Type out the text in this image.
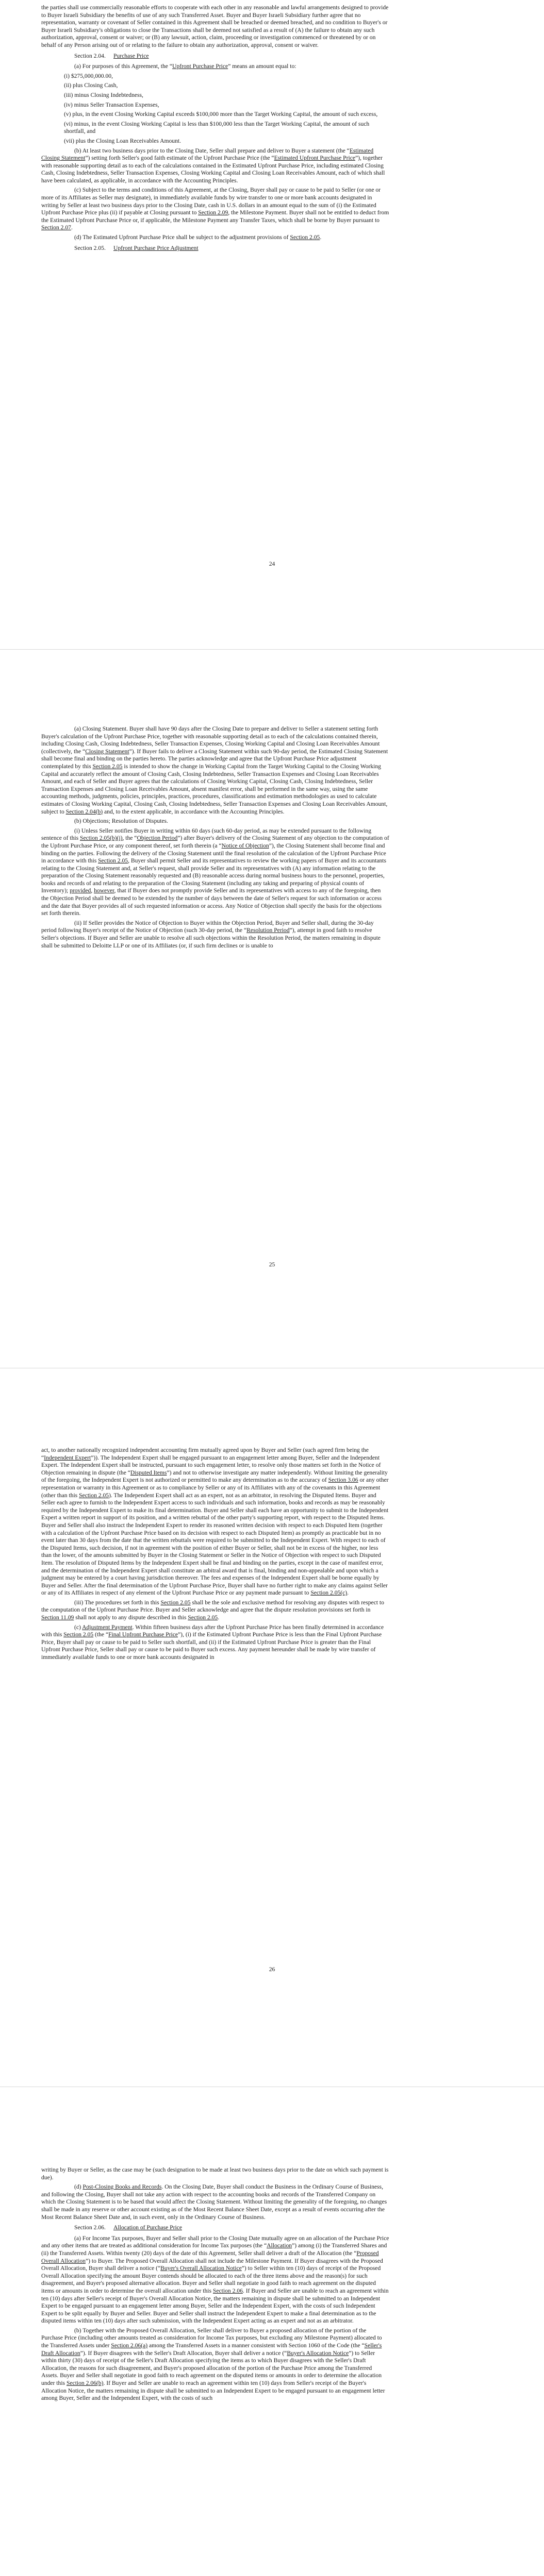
the parties shall use commercially reasonable efforts to cooperate with each other in any reasonable and lawful arrangements designed to provide to Buyer Israeli Subsidiary the benefits of use of any such Transferred Asset. Buyer and Buyer Israeli Subsidiary further agree that no representation, warranty or covenant of Seller contained in this Agreement shall be breached or deemed breached, and no condition to Buyer's or Buyer Israeli Subsidiary's obligations to close the Transactions shall be deemed not satisfied as a result of (A) the failure to obtain any such authorization, approval, consent or waiver; or (B) any lawsuit, action, claim, proceeding or investigation commenced or threatened by or on behalf of any Person arising out of or relating to the failure to obtain any authorization, approval, consent or waiver.

Section 2.04. Purchase Price

(a) For purposes of this Agreement, the “Upfront Purchase Price” means an amount equal to:

(i) $275,000,000.00,

(ii) plus Closing Cash,

(iii) minus Closing Indebtedness,

(iv) minus Seller Transaction Expenses,

(v) plus, in the event Closing Working Capital exceeds $100,000 more than the Target Working Capital, the amount of such excess,

(vi) minus, in the event Closing Working Capital is less than $100,000 less than the Target Working Capital, the amount of such shortfall, and

(vii) plus the Closing Loan Receivables Amount.

(b) At least two business days prior to the Closing Date, Seller shall prepare and deliver to Buyer a statement (the “Estimated Closing Statement”) setting forth Seller's good faith estimate of the Upfront Purchase Price (the “Estimated Upfront Purchase Price”), together with reasonable supporting detail as to each of the calculations contained in the Estimated Upfront Purchase Price, including estimated Closing Cash, Closing Indebtedness, Seller Transaction Expenses, Closing Working Capital and Closing Loan Receivables Amount, each of which shall have been calculated, as applicable, in accordance with the Accounting Principles.

(c) Subject to the terms and conditions of this Agreement, at the Closing, Buyer shall pay or cause to be paid to Seller (or one or more of its Affiliates as Seller may designate), in immediately available funds by wire transfer to one or more bank accounts designated in writing by Seller at least two business days prior to the Closing Date, cash in U.S. dollars in an amount equal to the sum of (i) the Estimated Upfront Purchase Price plus (ii) if payable at Closing pursuant to Section 2.09, the Milestone Payment. Buyer shall not be entitled to deduct from the Estimated Upfront Purchase Price or, if applicable, the Milestone Payment any Transfer Taxes, which shall be borne by Buyer pursuant to Section 2.07.

(d) The Estimated Upfront Purchase Price shall be subject to the adjustment provisions of Section 2.05.

Section 2.05. Upfront Purchase Price Adjustment

24

(a) Closing Statement. Buyer shall have 90 days after the Closing Date to prepare and deliver to Seller a statement setting forth Buyer's calculation of the Upfront Purchase Price, together with reasonable supporting detail as to each of the calculations contained therein, including Closing Cash, Closing Indebtedness, Seller Transaction Expenses, Closing Working Capital and Closing Loan Receivables Amount (collectively, the “Closing Statement”). If Buyer fails to deliver a Closing Statement within such 90-day period, the Estimated Closing Statement shall become final and binding on the parties hereto. The parties acknowledge and agree that the Upfront Purchase Price adjustment contemplated by this Section 2.05 is intended to show the change in Working Capital from the Target Working Capital to the Closing Working Capital and accurately reflect the amount of Closing Cash, Closing Indebtedness, Seller Transaction Expenses and Closing Loan Receivables Amount, and each of Seller and Buyer agrees that the calculations of Closing Working Capital, Closing Cash, Closing Indebtedness, Seller Transaction Expenses and Closing Loan Receivables Amount, absent manifest error, shall be performed in the same way, using the same accounting methods, judgments, policies, principles, practices, procedures, classifications and estimation methodologies as used to calculate estimates of Closing Working Capital, Closing Cash, Closing Indebtedness, Seller Transaction Expenses and Closing Loan Receivables Amount, subject to Section 2.04(b) and, to the extent applicable, in accordance with the Accounting Principles.

(b) Objections; Resolution of Disputes.

(i) Unless Seller notifies Buyer in writing within 60 days (such 60-day period, as may be extended pursuant to the following sentence of this Section 2.05(b)(i), the “Objection Period”) after Buyer's delivery of the Closing Statement of any objection to the computation of the Upfront Purchase Price, or any component thereof, set forth therein (a “Notice of Objection”), the Closing Statement shall become final and binding on the parties. Following the delivery of the Closing Statement until the final resolution of the calculation of the Upfront Purchase Price in accordance with this Section 2.05, Buyer shall permit Seller and its representatives to review the working papers of Buyer and its accountants relating to the Closing Statement and, at Seller's request, shall provide Seller and its representatives with (A) any information relating to the preparation of the Closing Statement reasonably requested and (B) reasonable access during normal business hours to the personnel, properties, books and records of and relating to the preparation of the Closing Statement (including any taking and preparing of physical counts of Inventory); provided, however, that if Buyer does not promptly provide Seller and its representatives with access to any of the foregoing, then the Objection Period shall be deemed to be extended by the number of days between the date of Seller's request for such information or access and the date that Buyer provides all of such requested information or access. Any Notice of Objection shall specify the basis for the objections set forth therein.

(ii) If Seller provides the Notice of Objection to Buyer within the Objection Period, Buyer and Seller shall, during the 30-day period following Buyer's receipt of the Notice of Objection (such 30-day period, the “Resolution Period”), attempt in good faith to resolve Seller's objections. If Buyer and Seller are unable to resolve all such objections within the Resolution Period, the matters remaining in dispute shall be submitted to Deloitte LLP or one of its Affiliates (or, if such firm declines or is unable to

25

act, to another nationally recognized independent accounting firm mutually agreed upon by Buyer and Seller (such agreed firm being the “Independent Expert”)). The Independent Expert shall be engaged pursuant to an engagement letter among Buyer, Seller and the Independent Expert. The Independent Expert shall be instructed, pursuant to such engagement letter, to resolve only those matters set forth in the Notice of Objection remaining in dispute (the “Disputed Items”) and not to otherwise investigate any matter independently. Without limiting the generality of the foregoing, the Independent Expert is not authorized or permitted to make any determination as to the accuracy of Section 3.06 or any other representation or warranty in this Agreement or as to compliance by Seller or any of its Affiliates with any of the covenants in this Agreement (other than this Section 2.05). The Independent Expert shall act as an expert, not as an arbitrator, in resolving the Disputed Items. Buyer and Seller each agree to furnish to the Independent Expert access to such individuals and such information, books and records as may be reasonably required by the Independent Expert to make its final determination. Buyer and Seller shall each have an opportunity to submit to the Independent Expert a written report in support of its position, and a written rebuttal of the other party's supporting report, with respect to the Disputed Items. Buyer and Seller shall also instruct the Independent Expert to render its reasoned written decision with respect to each Disputed Item (together with a calculation of the Upfront Purchase Price based on its decision with respect to each Disputed Item) as promptly as practicable but in no event later than 30 days from the date that the written rebuttals were required to be submitted to the Independent Expert. With respect to each of the Disputed Items, such decision, if not in agreement with the position of either Buyer or Seller, shall not be in excess of the higher, nor less than the lower, of the amounts submitted by Buyer in the Closing Statement or Seller in the Notice of Objection with respect to such Disputed Item. The resolution of Disputed Items by the Independent Expert shall be final and binding on the parties, except in the case of manifest error, and the determination of the Independent Expert shall constitute an arbitral award that is final, binding and non-appealable and upon which a judgment may be entered by a court having jurisdiction thereover. The fees and expenses of the Independent Expert shall be borne equally by Buyer and Seller. After the final determination of the Upfront Purchase Price, Buyer shall have no further right to make any claims against Seller or any of its Affiliates in respect of any element of the Upfront Purchase Price or any payment made pursuant to Section 2.05(c).

(iii) The procedures set forth in this Section 2.05 shall be the sole and exclusive method for resolving any disputes with respect to the computation of the Upfront Purchase Price. Buyer and Seller acknowledge and agree that the dispute resolution provisions set forth in Section 11.09 shall not apply to any dispute described in this Section 2.05.

(c) Adjustment Payment. Within fifteen business days after the Upfront Purchase Price has been finally determined in accordance with this Section 2.05 (the “Final Upfront Purchase Price”), (i) if the Estimated Upfront Purchase Price is less than the Final Upfront Purchase Price, Buyer shall pay or cause to be paid to Seller such shortfall, and (ii) if the Estimated Upfront Purchase Price is greater than the Final Upfront Purchase Price, Seller shall pay or cause to be paid to Buyer such excess. Any payment hereunder shall be made by wire transfer of immediately available funds to one or more bank accounts designated in

26

writing by Buyer or Seller, as the case may be (such designation to be made at least two business days prior to the date on which such payment is due).

(d) Post-Closing Books and Records. On the Closing Date, Buyer shall conduct the Business in the Ordinary Course of Business, and following the Closing, Buyer shall not take any action with respect to the accounting books and records of the Transferred Company on which the Closing Statement is to be based that would affect the Closing Statement. Without limiting the generality of the foregoing, no changes shall be made in any reserve or other account existing as of the Most Recent Balance Sheet Date, except as a result of events occurring after the Most Recent Balance Sheet Date and, in such event, only in the Ordinary Course of Business.

Section 2.06. Allocation of Purchase Price

(a) For Income Tax purposes, Buyer and Seller shall prior to the Closing Date mutually agree on an allocation of the Purchase Price and any other items that are treated as additional consideration for Income Tax purposes (the “Allocation”) among (i) the Transferred Shares and (ii) the Transferred Assets. Within twenty (20) days of the date of this Agreement, Seller shall deliver a draft of the Allocation (the “Proposed Overall Allocation”) to Buyer. The Proposed Overall Allocation shall not include the Milestone Payment. If Buyer disagrees with the Proposed Overall Allocation, Buyer shall deliver a notice (“Buyer's Overall Allocation Notice”) to Seller within ten (10) days of receipt of the Proposed Overall Allocation specifying the amount Buyer contends should be allocated to each of the three items above and the reason(s) for such disagreement, and Buyer's proposed alternative allocation. Buyer and Seller shall negotiate in good faith to reach agreement on the disputed items or amounts in order to determine the overall allocation under this Section 2.06. If Buyer and Seller are unable to reach an agreement within ten (10) days after Seller's receipt of Buyer's Overall Allocation Notice, the matters remaining in dispute shall be submitted to an Independent Expert to be engaged pursuant to an engagement letter among Buyer, Seller and the Independent Expert, with the costs of such Independent Expert to be split equally by Buyer and Seller. Buyer and Seller shall instruct the Independent Expert to make a final determination as to the disputed items within ten (10) days after such submission, with the Independent Expert acting as an expert and not as an arbitrator.

(b) Together with the Proposed Overall Allocation, Seller shall deliver to Buyer a proposed allocation of the portion of the Purchase Price (including other amounts treated as consideration for Income Tax purposes, but excluding any Milestone Payment) allocated to the Transferred Assets under Section 2.06(a) among the Transferred Assets in a manner consistent with Section 1060 of the Code (the “Seller's Draft Allocation”). If Buyer disagrees with the Seller's Draft Allocation, Buyer shall deliver a notice (“Buyer's Allocation Notice”) to Seller within thirty (30) days of receipt of the Seller's Draft Allocation specifying the items as to which Buyer disagrees with the Seller's Draft Allocation, the reasons for such disagreement, and Buyer's proposed allocation of the portion of the Purchase Price among the Transferred Assets. Buyer and Seller shall negotiate in good faith to reach agreement on the disputed items or amounts in order to determine the allocation under this Section 2.06(b). If Buyer and Seller are unable to reach an agreement within ten (10) days from Seller's receipt of the Buyer's Allocation Notice, the matters remaining in dispute shall be submitted to an Independent Expert to be engaged pursuant to an engagement letter among Buyer, Seller and the Independent Expert, with the costs of such
